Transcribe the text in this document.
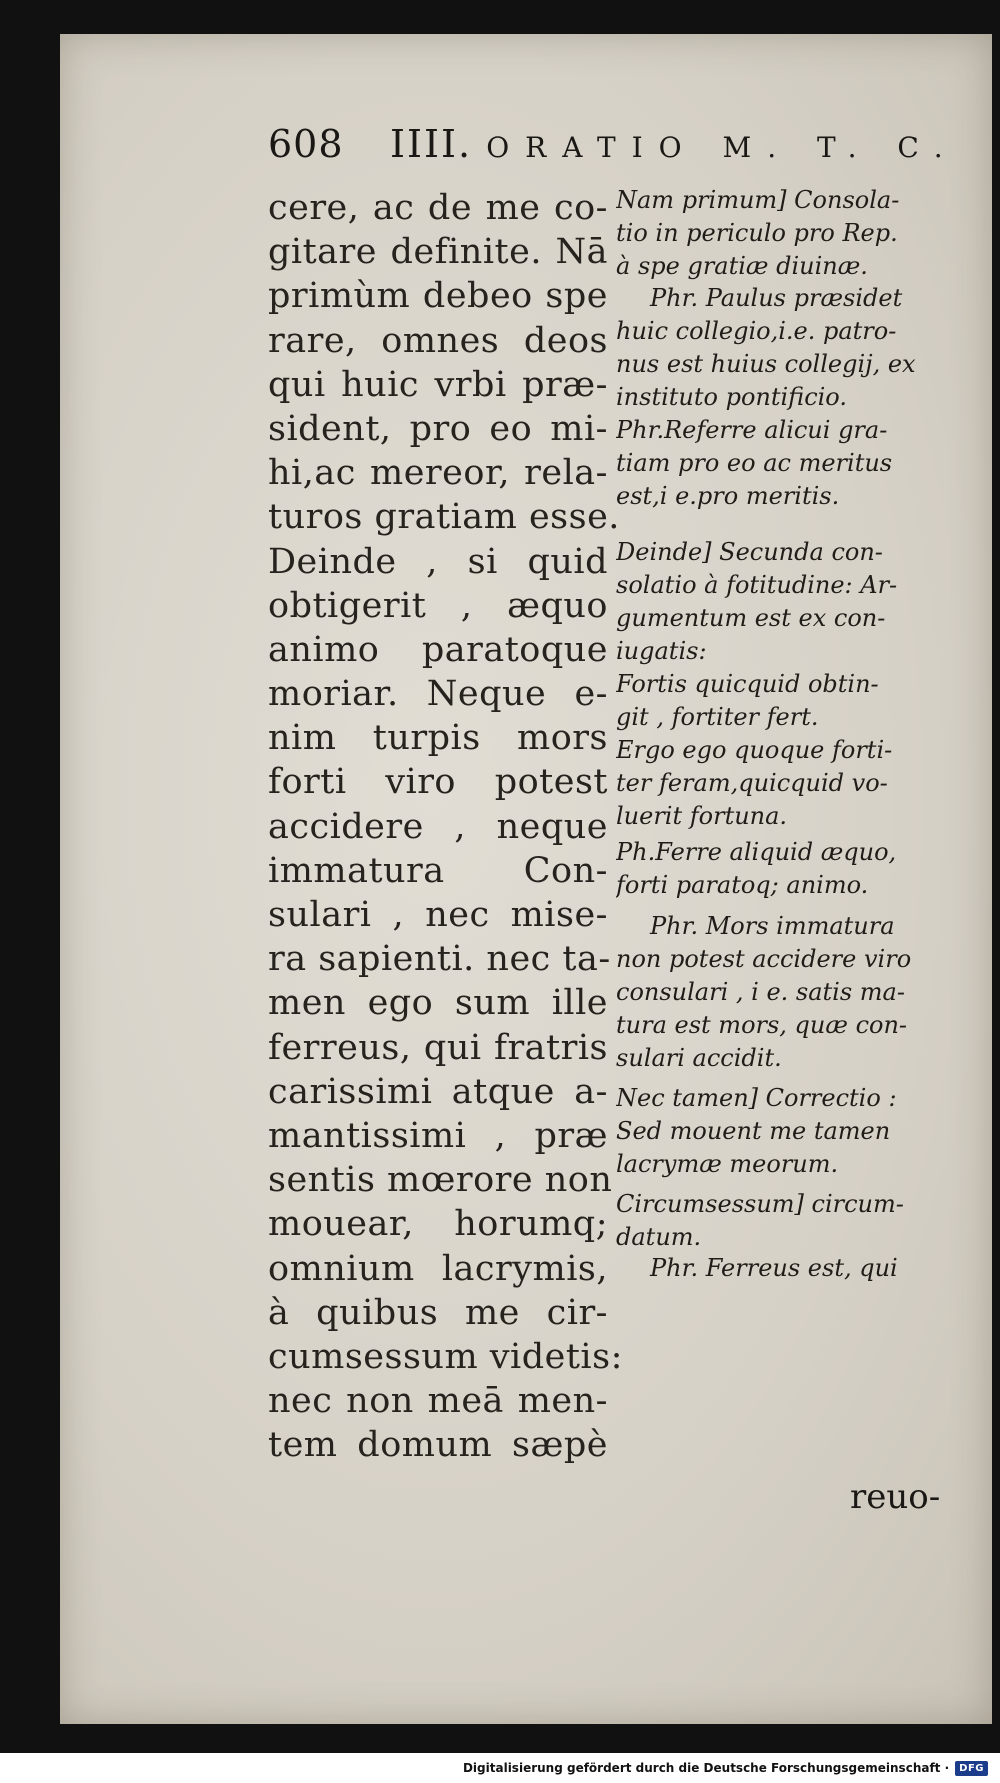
608 IIII. ORATIO M. T. C.
cere, ac de me co-
gitare definite. Nā
primùm debeo spe
rare, omnes deos
qui huic vrbi præ-
sident, pro eo mi-
hi,ac mereor, rela-
turos gratiam esse.
Deinde , si quid
obtigerit , æquo
animo paratoque
moriar. Neque e-
nim turpis mors
forti viro potest
accidere , neque
immatura Con-
sulari , nec mise-
ra sapienti. nec ta-
men ego sum ille
ferreus, qui fratris
carissimi atque a-
mantissimi , præ
sentis mœrore non
mouear, horumq;
omnium lacrymis,
à quibus me cir-
cumsessum videtis:
nec non meā men-
tem domum sæpè
Nam primum] Consola-
tio in periculo pro Rep.
à spe gratiæ diuinæ.
Phr. Paulus præsidet
huic collegio,i.e. patro-
nus est huius collegij, ex
instituto pontificio.
Phr.Referre alicui gra-
tiam pro eo ac meritus
est,i e.pro meritis.
Deinde] Secunda con-
solatio à fotitudine: Ar-
gumentum est ex con-
iugatis:
Fortis quicquid obtin-
git , fortiter fert.
Ergo ego quoque forti-
ter feram,quicquid vo-
luerit fortuna.
Ph.Ferre aliquid æquo,
forti paratoq; animo.
Phr. Mors immatura
non potest accidere viro
consulari , i e. satis ma-
tura est mors, quæ con-
sulari accidit.
Nec tamen] Correctio :
Sed mouent me tamen
lacrymæ meorum.
Circumsessum] circum-
datum.
Phr. Ferreus est, qui
reuo-
Digitalisierung gefördert durch die Deutsche Forschungsgemeinschaft ·	DFG
